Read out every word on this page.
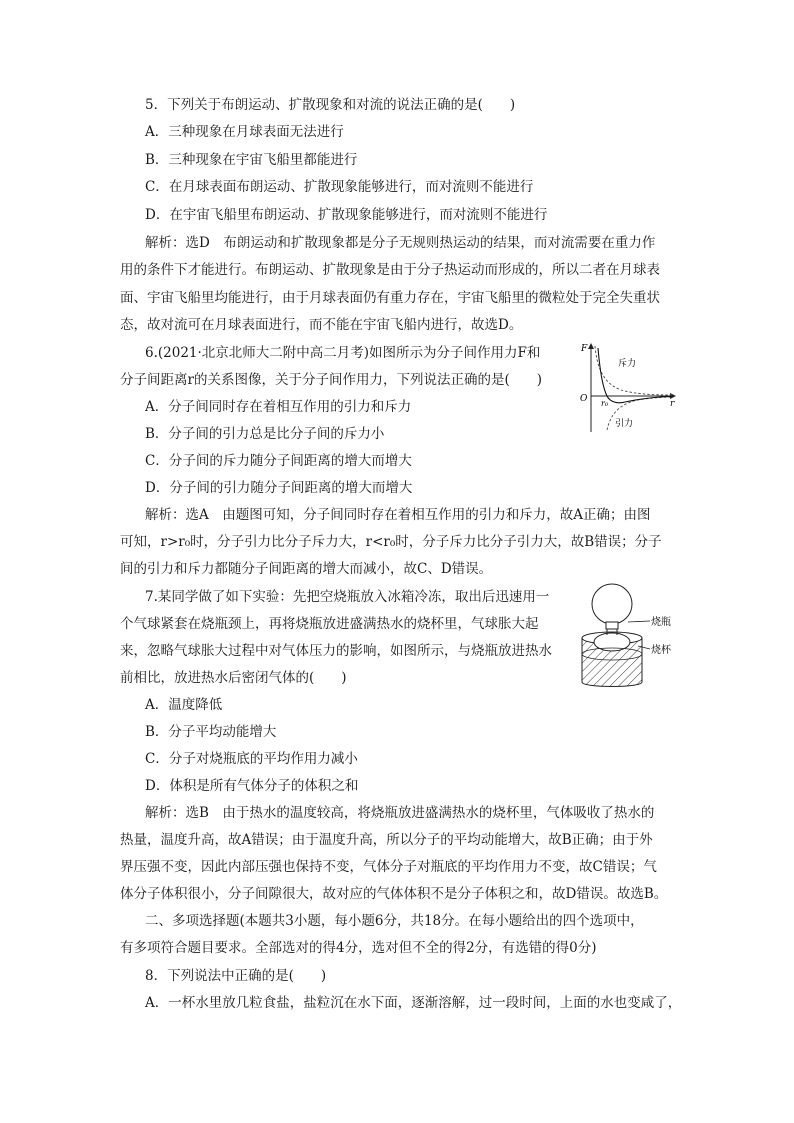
5．下列关于布朗运动、扩散现象和对流的说法正确的是(　　)
A．三种现象在月球表面无法进行
B．三种现象在宇宙飞船里都能进行
C．在月球表面布朗运动、扩散现象能够进行，而对流则不能进行
D．在宇宙飞船里布朗运动、扩散现象能够进行，而对流则不能进行
解析：选D　布朗运动和扩散现象都是分子无规则热运动的结果，而对流需要在重力作
用的条件下才能进行。布朗运动、扩散现象是由于分子热运动而形成的，所以二者在月球表
面、宇宙飞船里均能进行，由于月球表面仍有重力存在，宇宙飞船里的微粒处于完全失重状
态，故对流可在月球表面进行，而不能在宇宙飞船内进行，故选D。
6.(2021·北京北师大二附中高二月考)如图所示为分子间作用力F和
分子间距离r的关系图像，关于分子间作用力，下列说法正确的是(　　)
A．分子间同时存在着相互作用的引力和斥力
B．分子间的引力总是比分子间的斥力小
C．分子间的斥力随分子间距离的增大而增大
D．分子间的引力随分子间距离的增大而增大
解析：选A　由题图可知，分子间同时存在着相互作用的引力和斥力，故A正确；由图
可知，r>r₀时，分子引力比分子斥力大，r<r₀时，分子斥力比分子引力大，故B错误；分子
间的引力和斥力都随分子间距离的增大而减小，故C、D错误。
F
r
O r₀
斥力
引力
7.某同学做了如下实验：先把空烧瓶放入冰箱冷冻，取出后迅速用一
个气球紧套在烧瓶颈上，再将烧瓶放进盛满热水的烧杯里，气球胀大起
来，忽略气球胀大过程中对气体压力的影响，如图所示，与烧瓶放进热水
前相比，放进热水后密闭气体的(　　)
A．温度降低
B．分子平均动能增大
C．分子对烧瓶底的平均作用力减小
D．体积是所有气体分子的体积之和
解析：选B　由于热水的温度较高，将烧瓶放进盛满热水的烧杯里，气体吸收了热水的
热量，温度升高，故A错误；由于温度升高，所以分子的平均动能增大，故B正确；由于外
界压强不变，因此内部压强也保持不变，气体分子对瓶底的平均作用力不变，故C错误；气
体分子体积很小，分子间隙很大，故对应的气体体积不是分子体积之和，故D错误。故选B。
烧瓶
烧杯
二、多项选择题(本题共3小题，每小题6分，共18分。在每小题给出的四个选项中，
有多项符合题目要求。全部选对的得4分，选对但不全的得2分，有选错的得0分)
8．下列说法中正确的是(　　)
A．一杯水里放几粒食盐，盐粒沉在水下面，逐渐溶解，过一段时间，上面的水也变咸了，
